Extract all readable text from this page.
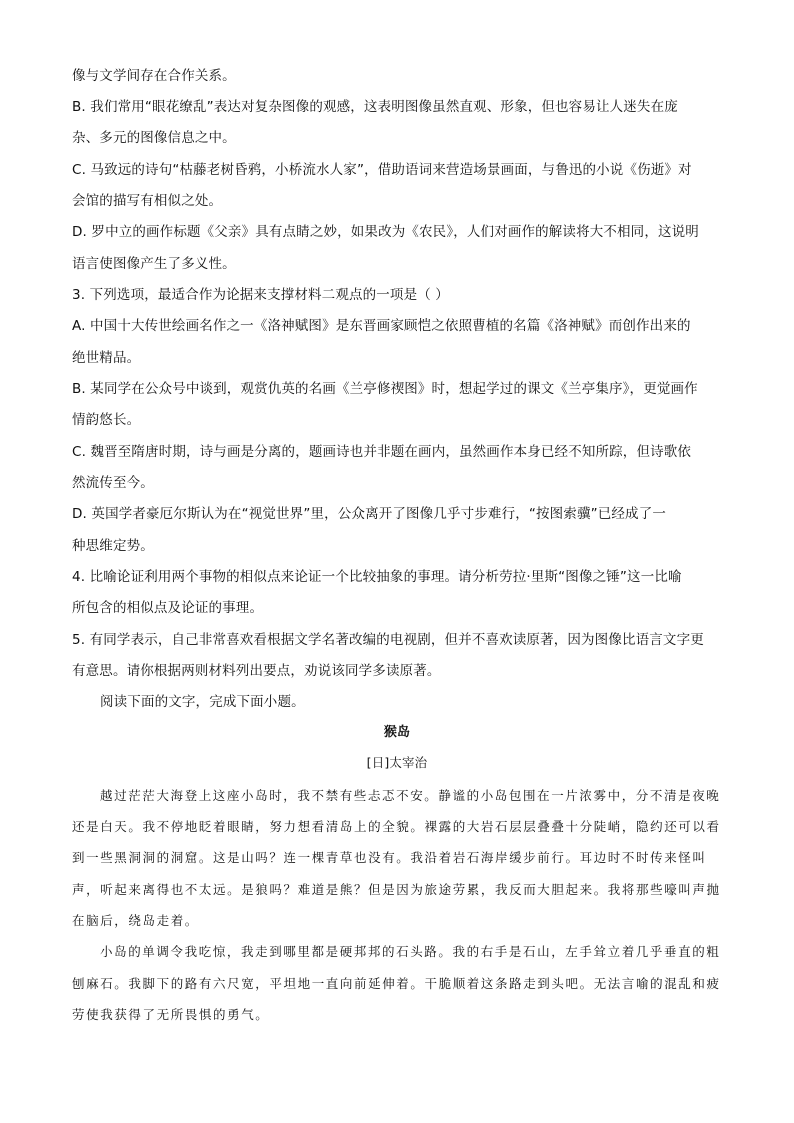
像与文学间存在合作关系。
B. 我们常用“眼花缭乱”表达对复杂图像的观感，这表明图像虽然直观、形象，但也容易让人迷失在庞
杂、多元的图像信息之中。
C. 马致远的诗句“枯藤老树昏鸦，小桥流水人家”，借助语词来营造场景画面，与鲁迅的小说《伤逝》对
会馆的描写有相似之处。
D. 罗中立的画作标题《父亲》具有点睛之妙，如果改为《农民》，人们对画作的解读将大不相同，这说明
语言使图像产生了多义性。
3. 下列选项，最适合作为论据来支撑材料二观点的一项是（ ）
A. 中国十大传世绘画名作之一《洛神赋图》是东晋画家顾恺之依照曹植的名篇《洛神赋》而创作出来的
绝世精品。
B. 某同学在公众号中谈到，观赏仇英的名画《兰亭修禊图》时，想起学过的课文《兰亭集序》，更觉画作
情韵悠长。
C. 魏晋至隋唐时期，诗与画是分离的，题画诗也并非题在画内，虽然画作本身已经不知所踪，但诗歌依
然流传至今。
D. 英国学者豪厄尔斯认为在“视觉世界”里，公众离开了图像几乎寸步难行，“按图索骥”已经成了一
种思维定势。
4. 比喻论证利用两个事物的相似点来论证一个比较抽象的事理。请分析劳拉·里斯“图像之锤”这一比喻
所包含的相似点及论证的事理。
5. 有同学表示，自己非常喜欢看根据文学名著改编的电视剧，但并不喜欢读原著，因为图像比语言文字更
有意思。请你根据两则材料列出要点，劝说该同学多读原著。
阅读下面的文字，完成下面小题。
猴岛
[日]太宰治
越过茫茫大海登上这座小岛时，我不禁有些忐忑不安。静谧的小岛包围在一片浓雾中，分不清是夜晚
还是白天。我不停地眨着眼睛，努力想看清岛上的全貌。裸露的大岩石层层叠叠十分陡峭，隐约还可以看
到一些黑洞洞的洞窟。这是山吗？连一棵青草也没有。我沿着岩石海岸缓步前行。耳边时不时传来怪叫
声，听起来离得也不太远。是狼吗？难道是熊？但是因为旅途劳累，我反而大胆起来。我将那些嚎叫声抛
在脑后，绕岛走着。
小岛的单调令我吃惊，我走到哪里都是硬邦邦的石头路。我的右手是石山，左手耸立着几乎垂直的粗
刨麻石。我脚下的路有六尺宽，平坦地一直向前延伸着。干脆顺着这条路走到头吧。无法言喻的混乱和疲
劳使我获得了无所畏惧的勇气。
